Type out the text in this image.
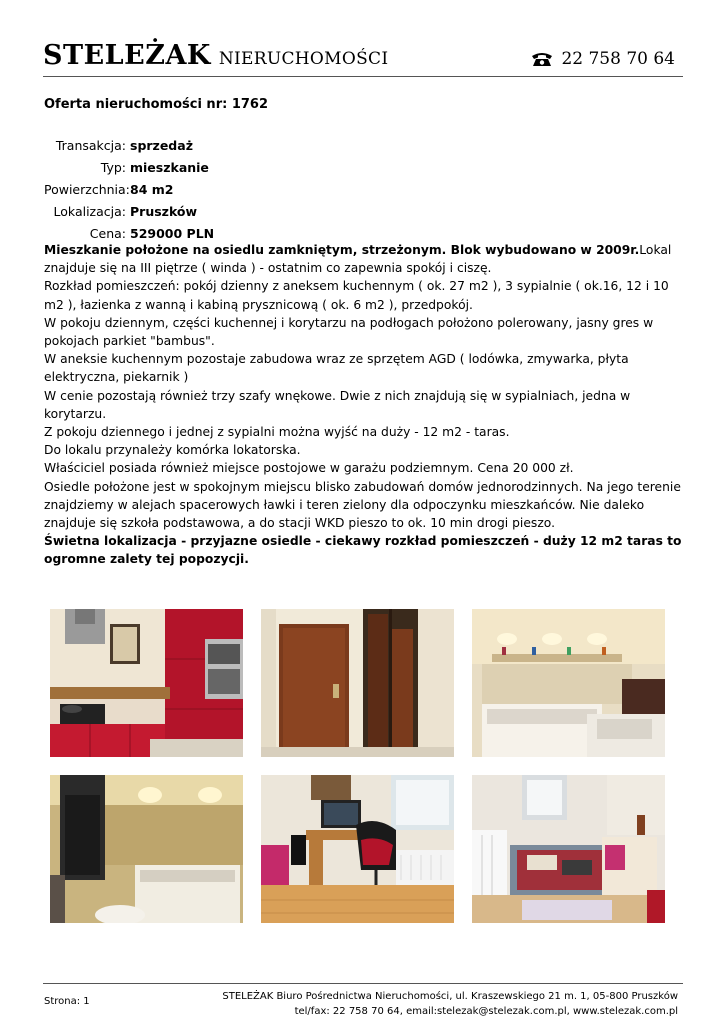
STELEŻAK NIERUCHOMOŚCI	22 758 70 64
Oferta nieruchomości nr: 1762
Transakcja: sprzedaż
Typ: mieszkanie
Powierzchnia: 84 m2
Lokalizacja: Pruszków
Cena: 529000 PLN

Mieszkanie położone na osiedlu zamkniętym, strzeżonym. Blok wybudowano w 2009r.Lokal znajduje się na III piętrze ( winda ) - ostatnim co zapewnia spokój i ciszę.

Rozkład pomieszczeń: pokój dzienny z aneksem kuchennym ( ok. 27 m2 ), 3 sypialnie ( ok.16, 12 i 10 m2 ), łazienka z wanną i kabiną prysznicową ( ok. 6 m2 ), przedpokój.

W pokoju dziennym, części kuchennej i korytarzu na podłogach położono polerowany, jasny gres w pokojach parkiet "bambus".

W aneksie kuchennym pozostaje zabudowa wraz ze sprzętem AGD ( lodówka, zmywarka, płyta elektryczna, piekarnik )

W cenie pozostają również trzy szafy wnękowe. Dwie z nich znajdują się w sypialniach, jedna w korytarzu.

Z pokoju dziennego i jednej z sypialni można wyjść na duży - 12 m2 - taras.

Do lokalu przynależy komórka lokatorska.

Właściciel posiada również miejsce postojowe w garażu podziemnym. Cena 20 000 zł.

Osiedle położone jest w spokojnym miejscu blisko zabudowań domów jednorodzinnych. Na jego terenie znajdziemy w alejach spacerowych ławki i teren zielony dla odpoczynku mieszkańców. Nie daleko znajduje się szkoła podstawowa, a do stacji WKD pieszo to ok. 10 min drogi pieszo.

Świetna lokalizacja - przyjazne osiedle - ciekawy rozkład pomieszczeń - duży 12 m2 taras to ogromne zalety tej popozycji.

Strona: 1	STELEŻAK Biuro Pośrednictwa Nieruchomości, ul. Kraszewskiego 21 m. 1, 05-800 Pruszków
tel/fax: 22 758 70 64, email:stelezak@stelezak.com.pl, www.stelezak.com.pl
